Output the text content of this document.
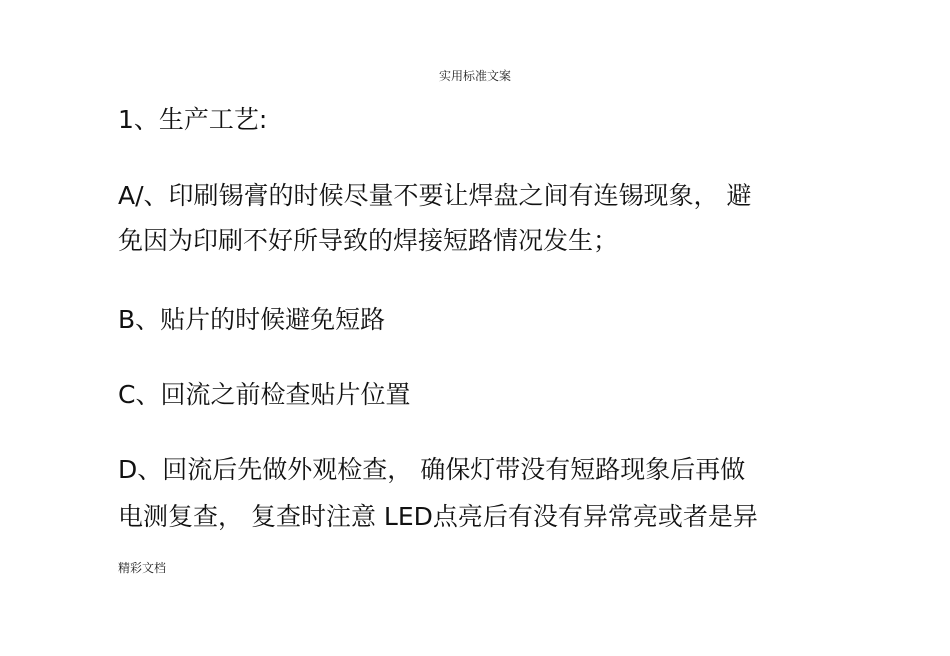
实用标准文案
1、生产工艺:
A/、印刷锡膏的时候尽量不要让焊盘之间有连锡现象， 避
免因为印刷不好所导致的焊接短路情况发生；
B、贴片的时候避免短路
C、回流之前检查贴片位置
D、回流后先做外观检查， 确保灯带没有短路现象后再做
电测复查， 复查时注意 LED点亮后有没有异常亮或者是异
精彩文档
